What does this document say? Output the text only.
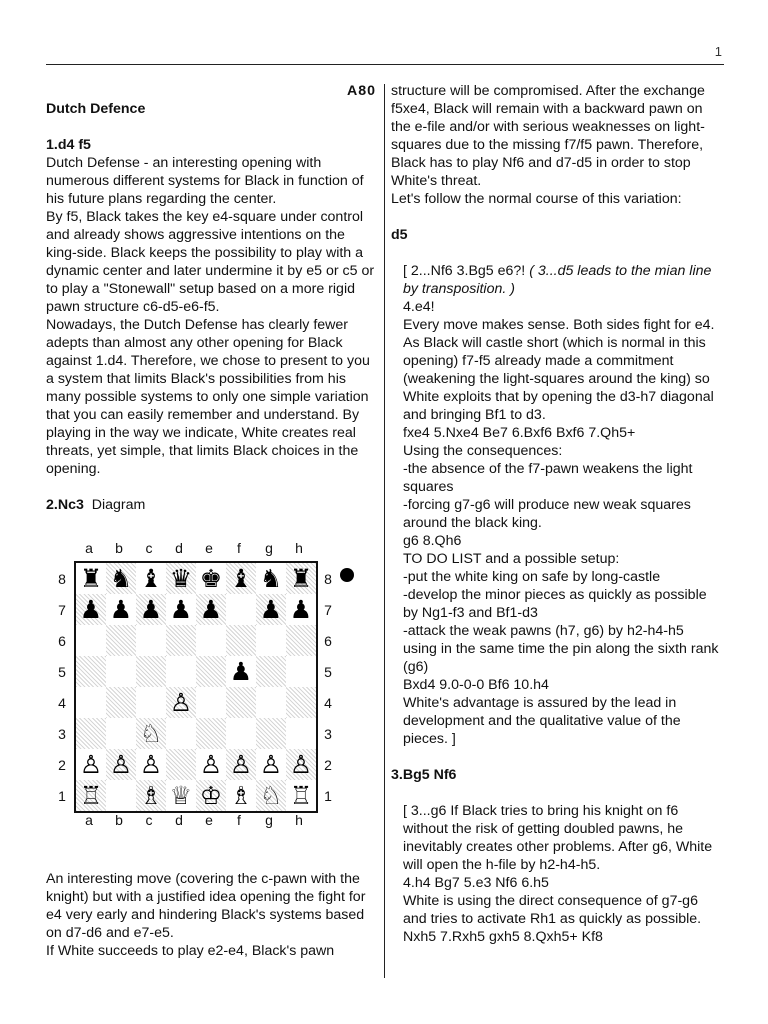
1

A80

Dutch Defence

1.d4 f5

Dutch Defense - an interesting opening with numerous different systems for Black in function of his future plans regarding the center.

By f5, Black takes the key e4-square under control and already shows aggressive intentions on the king-side. Black keeps the possibility to play with a dynamic center and later undermine it by e5 or c5 or to play a "Stonewall" setup based on a more rigid pawn structure c6-d5-e6-f5.

Nowadays, the Dutch Defense has clearly fewer adepts than almost any other opening for Black against 1.d4. Therefore, we chose to present to you a system that limits Black's possibilities from his many possible systems to only one simple variation that you can easily remember and understand. By playing in the way we indicate, White creates real threats, yet simple, that limits Black choices in the opening.

2.Nc3 Diagram

a	b	c	d	e	f	g	h
8
7
6
5
4
3
2
1
♜ ♞ ♝ ♛ ♚ ♝ ♞ ♜
♟ ♟ ♟ ♟ ♟ ♟ ♟
♟
♙
♘
♙ ♙ ♙ ♙ ♙ ♙ ♙
♖ ♗ ♕ ♔ ♗ ♘ ♖
8
7
6
5
4
3
2
1
a	b	c	d	e	f	g	h

An interesting move (covering the c-pawn with the knight) but with a justified idea opening the fight for e4 very early and hindering Black's systems based on d7-d6 and e7-e5.

If White succeeds to play e2-e4, Black's pawn

structure will be compromised. After the exchange f5xe4, Black will remain with a backward pawn on the e-file and/or with serious weaknesses on light-squares due to the missing f7/f5 pawn. Therefore, Black has to play Nf6 and d7-d5 in order to stop White's threat.

Let's follow the normal course of this variation:

d5

[ 2...Nf6 3.Bg5 e6?! ( 3...d5 leads to the mian line by transposition. )

4.e4!

Every move makes sense. Both sides fight for e4. As Black will castle short (which is normal in this opening) f7-f5 already made a commitment (weakening the light-squares around the king) so White exploits that by opening the d3-h7 diagonal and bringing Bf1 to d3.

fxe4 5.Nxe4 Be7 6.Bxf6 Bxf6 7.Qh5+

Using the consequences:

-the absence of the f7-pawn weakens the light squares

-forcing g7-g6 will produce new weak squares around the black king.

g6 8.Qh6

TO DO LIST and a possible setup:

-put the white king on safe by long-castle

-develop the minor pieces as quickly as possible by Ng1-f3 and Bf1-d3

-attack the weak pawns (h7, g6) by h2-h4-h5 using in the same time the pin along the sixth rank (g6)

Bxd4 9.0-0-0 Bf6 10.h4

White's advantage is assured by the lead in development and the qualitative value of the pieces. ]

3.Bg5 Nf6

[ 3...g6 If Black tries to bring his knight on f6 without the risk of getting doubled pawns, he inevitably creates other problems. After g6, White will open the h-file by h2-h4-h5.

4.h4 Bg7 5.e3 Nf6 6.h5

White is using the direct consequence of g7-g6 and tries to activate Rh1 as quickly as possible. Nxh5 7.Rxh5 gxh5 8.Qxh5+ Kf8
